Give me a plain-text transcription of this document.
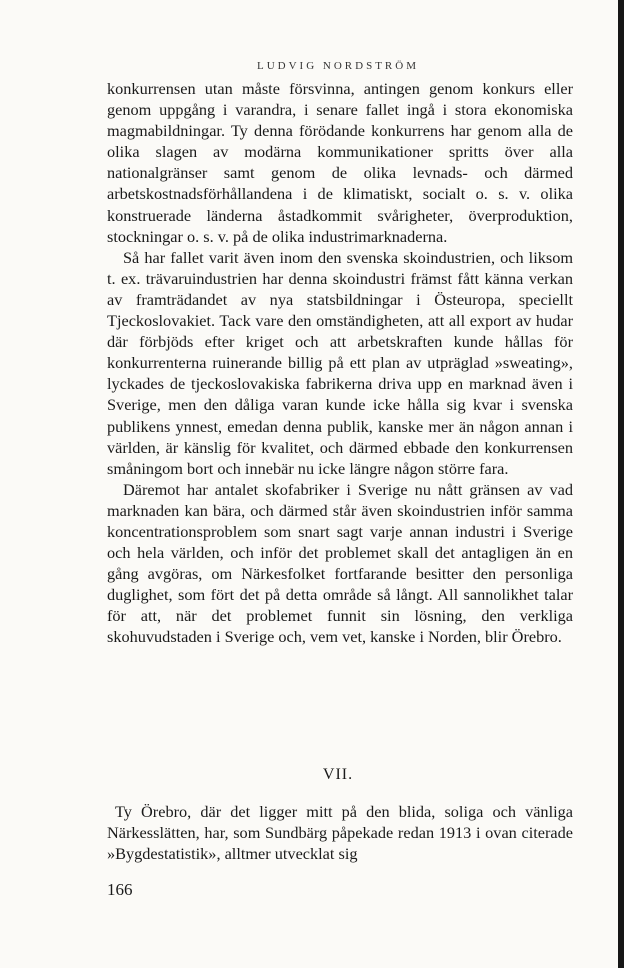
LUDVIG NORDSTRÖM

konkurrensen utan måste försvinna, antingen genom konkurs eller genom uppgång i varandra, i senare fallet ingå i stora ekonomiska magmabildningar. Ty denna förödande konkurrens har genom alla de olika slagen av modärna kommunikationer spritts över alla nationalgränser samt genom de olika levnads- och därmed arbetskostnadsförhållandena i de klimatiskt, socialt o. s. v. olika konstruerade länderna åstadkommit svårigheter, överproduktion, stockningar o. s. v. på de olika industrimarknaderna.

Så har fallet varit även inom den svenska skoindustrien, och liksom t. ex. trävaruindustrien har denna skoindustri främst fått känna verkan av framträdandet av nya statsbildningar i Östeuropa, speciellt Tjeckoslovakiet. Tack vare den omständigheten, att all export av hudar där förbjöds efter kriget och att arbetskraften kunde hållas för konkurrenterna ruinerande billig på ett plan av utpräglad »sweating», lyckades de tjeckoslovakiska fabrikerna driva upp en marknad även i Sverige, men den dåliga varan kunde icke hålla sig kvar i svenska publikens ynnest, emedan denna publik, kanske mer än någon annan i världen, är känslig för kvalitet, och därmed ebbade den konkurrensen småningom bort och innebär nu icke längre någon större fara.

Däremot har antalet skofabriker i Sverige nu nått gränsen av vad marknaden kan bära, och därmed står även skoindustrien inför samma koncentrationsproblem som snart sagt varje annan industri i Sverige och hela världen, och inför det problemet skall det antagligen än en gång avgöras, om Närkesfolket fortfarande besitter den personliga duglighet, som fört det på detta område så långt. All sannolikhet talar för att, när det problemet funnit sin lösning, den verkliga skohuvudstaden i Sverige och, vem vet, kanske i Norden, blir Örebro.

VII.

Ty Örebro, där det ligger mitt på den blida, soliga och vänliga Närkesslätten, har, som Sundbärg påpekade redan 1913 i ovan citerade »Bygdestatistik», alltmer utvecklat sig

166
